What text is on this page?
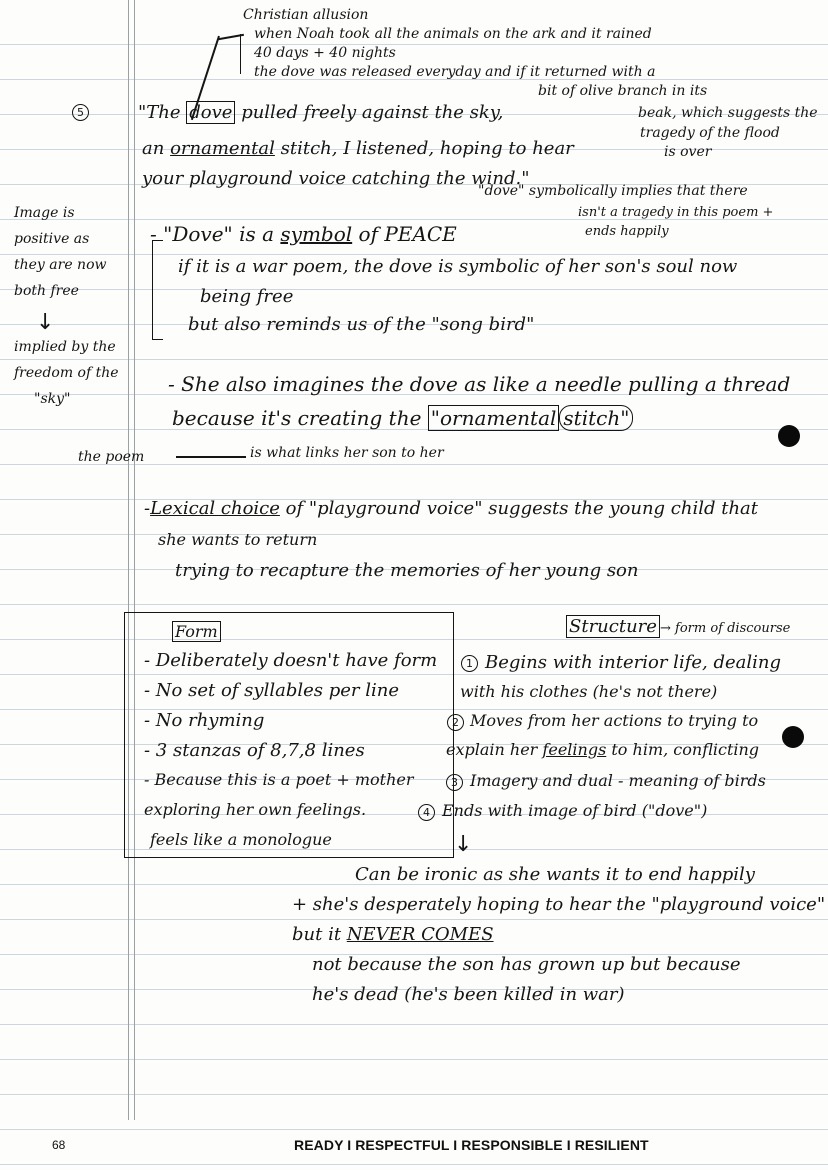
Christian allusion
when Noah took all the animals on the ark and it rained
40 days + 40 nights
the dove was released everyday and if it returned with a
bit of olive branch in its
5	"The dove pulled freely against the sky,
an ornamental stitch, I listened, hoping to hear
your playground voice catching the wind."
beak, which suggests the
tragedy of the flood
is over
"dove" symbolically implies that there
isn't a tragedy in this poem +
ends happily
Image is
positive as
they are now
both free
↓
implied by the
freedom of the
"sky"
- "Dove" is a symbol of PEACE
if it is a war poem, the dove is symbolic of her son's soul now
being free
but also reminds us of the "song bird"
- She also imagines the dove as like a needle pulling a thread
because it's creating the "ornamental stitch"
the poem	is what links her son to her
-Lexical choice of "playground voice" suggests the young child that
she wants to return
trying to recapture the memories of her young son
Form
- Deliberately doesn't have form
- No set of syllables per line
- No rhyming
- 3 stanzas of 8,7,8 lines
- Because this is a poet + mother
exploring her own feelings.
feels like a monologue
Structure → form of discourse
1 Begins with interior life, dealing
with his clothes (he's not there)
2 Moves from her actions to trying to
explain her feelings to him, conflicting
3 Imagery and dual - meaning of birds
4 Ends with image of bird ("dove")
↓
Can be ironic as she wants it to end happily
+ she's desperately hoping to hear the "playground voice"
but it NEVER COMES
not because the son has grown up but because
he's dead (he's been killed in war)
68	READY I RESPECTFUL I RESPONSIBLE I RESILIENT
